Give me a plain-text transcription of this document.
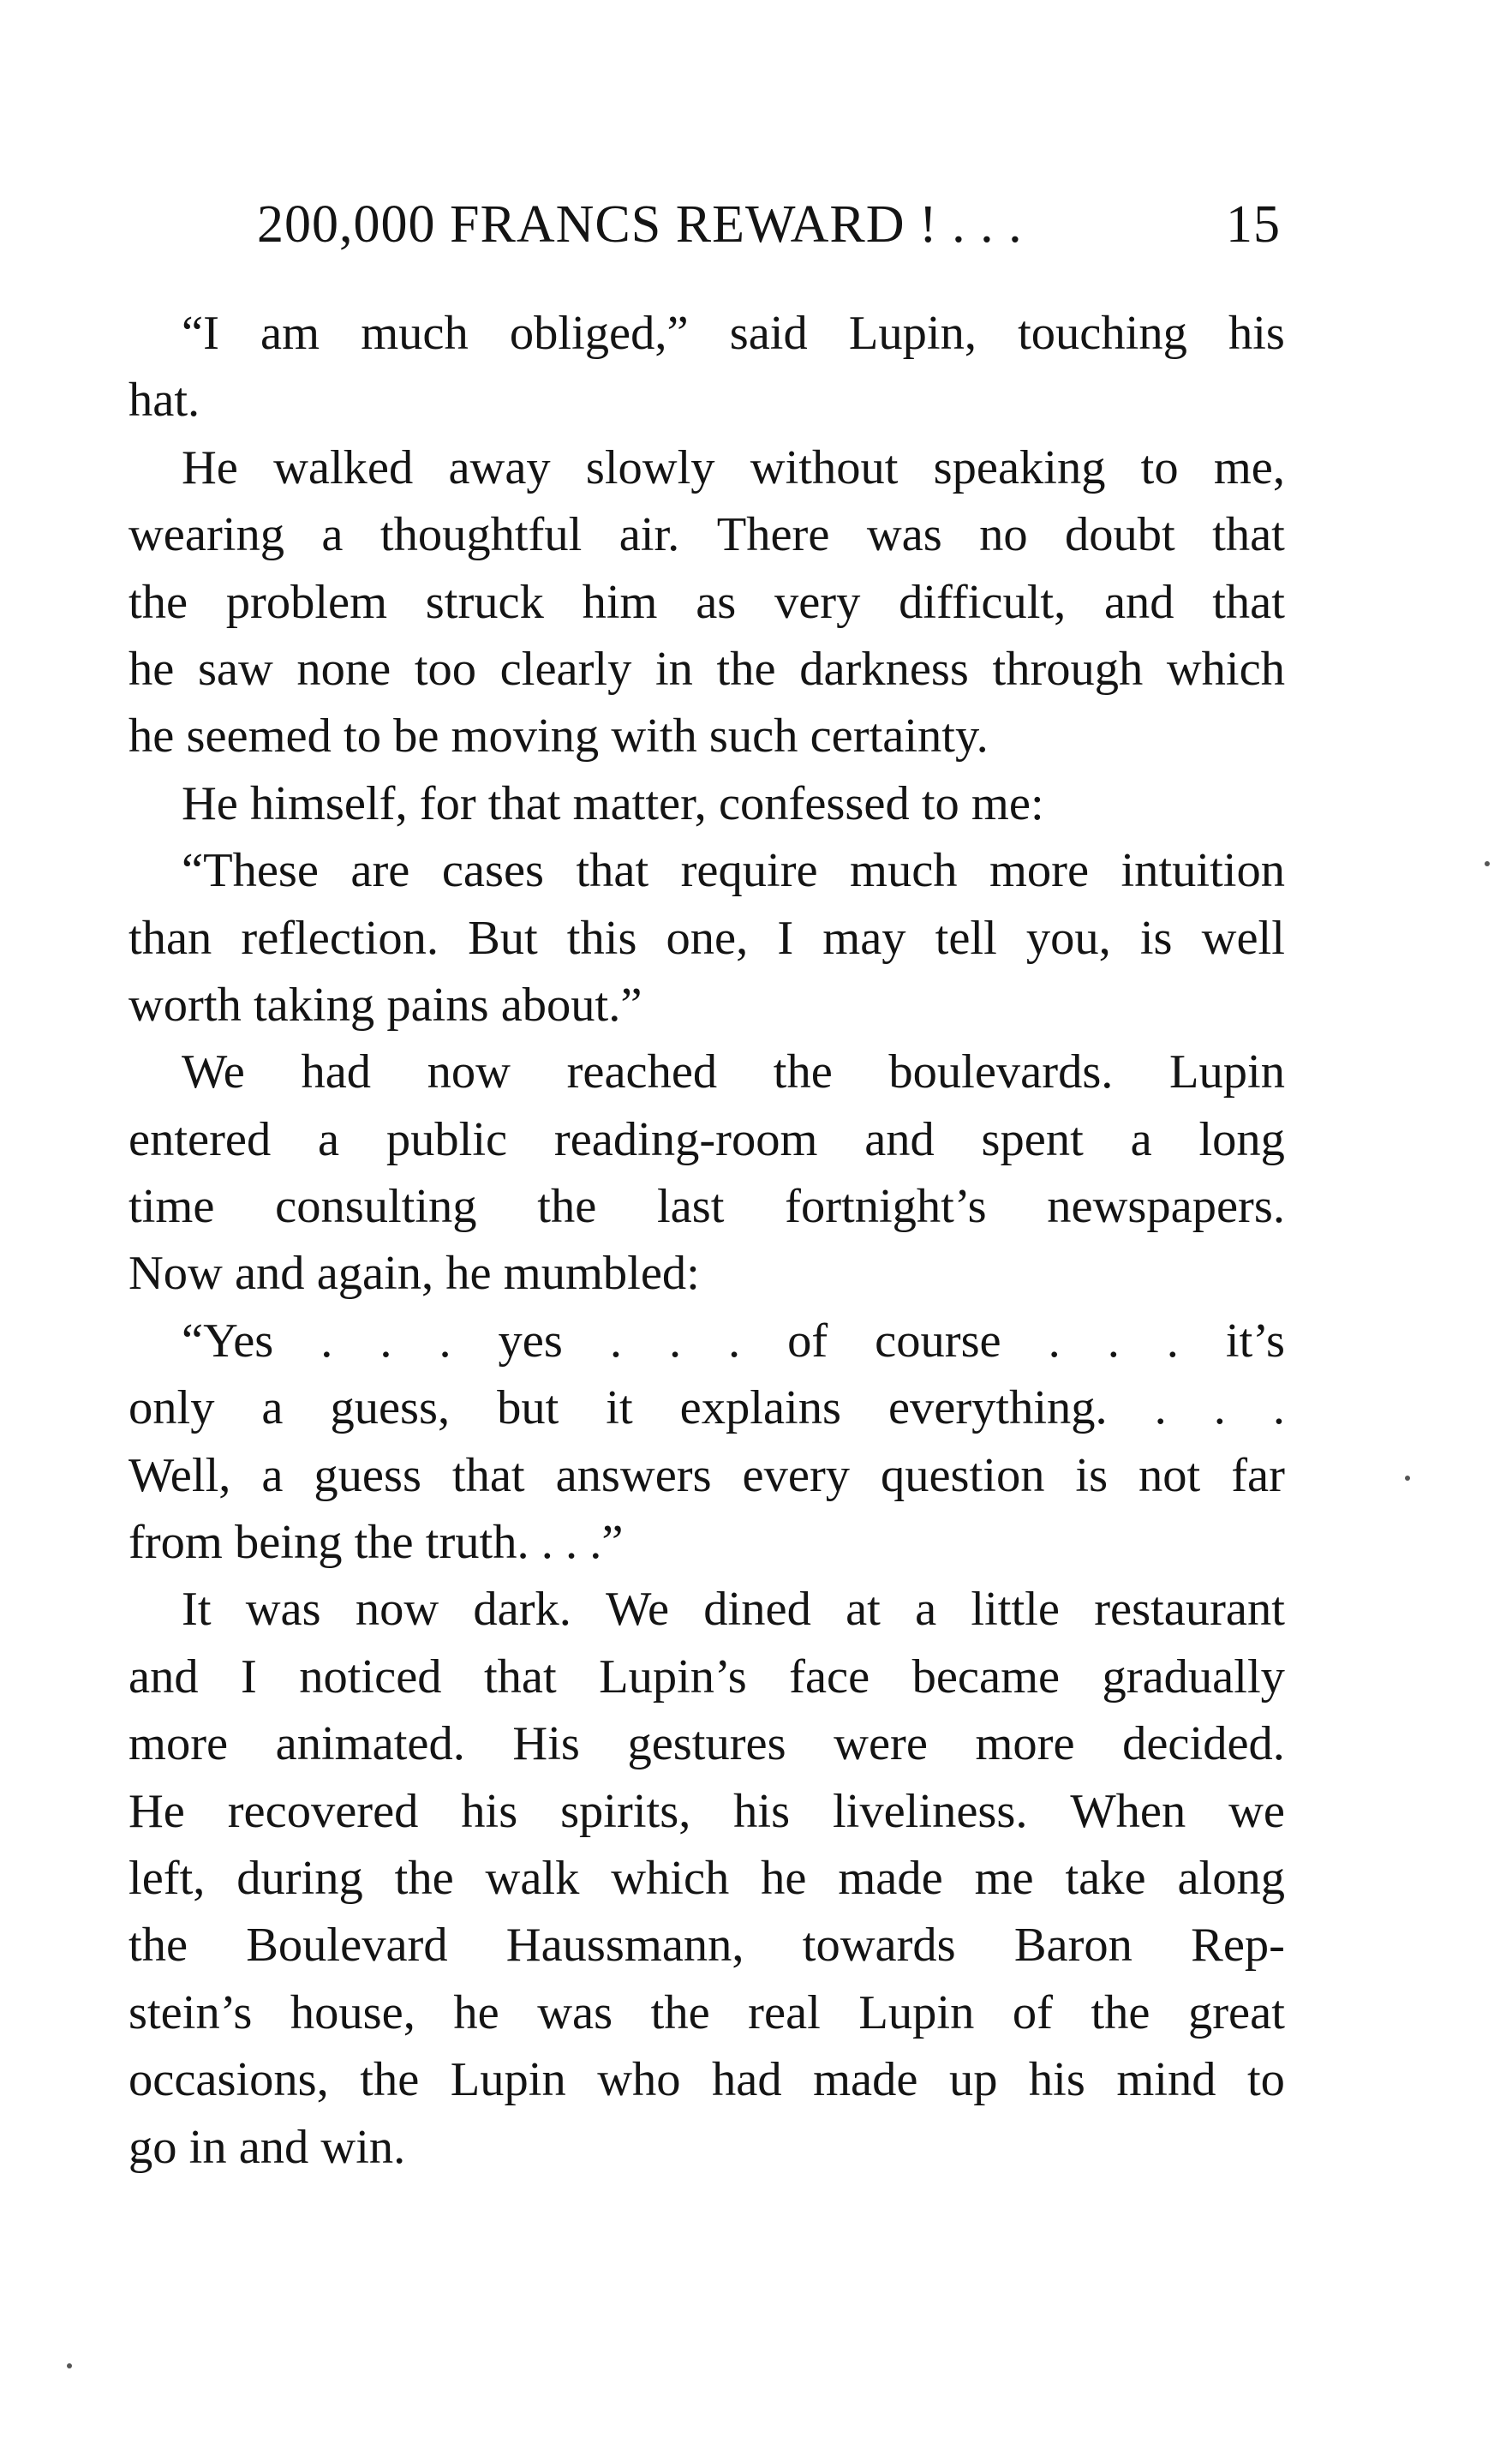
200,000 FRANCS REWARD ! . . .	15
“I am much obliged,” said Lupin, touching his
hat.
He walked away slowly without speaking to me,
wearing a thoughtful air. There was no doubt that
the problem struck him as very difficult, and that
he saw none too clearly in the darkness through which
he seemed to be moving with such certainty.
He himself, for that matter, confessed to me:
“These are cases that require much more intuition
than reflection. But this one, I may tell you, is well
worth taking pains about.”
We had now reached the boulevards. Lupin
entered a public reading-room and spent a long
time consulting the last fortnight’s newspapers.
Now and again, he mumbled:
“Yes . . . yes . . . of course . . . it’s
only a guess, but it explains everything. . . .
Well, a guess that answers every question is not far
from being the truth. . . .”
It was now dark. We dined at a little restaurant
and I noticed that Lupin’s face became gradually
more animated. His gestures were more decided.
He recovered his spirits, his liveliness. When we
left, during the walk which he made me take along
the Boulevard Haussmann, towards Baron Rep-
stein’s house, he was the real Lupin of the great
occasions, the Lupin who had made up his mind to
go in and win.
